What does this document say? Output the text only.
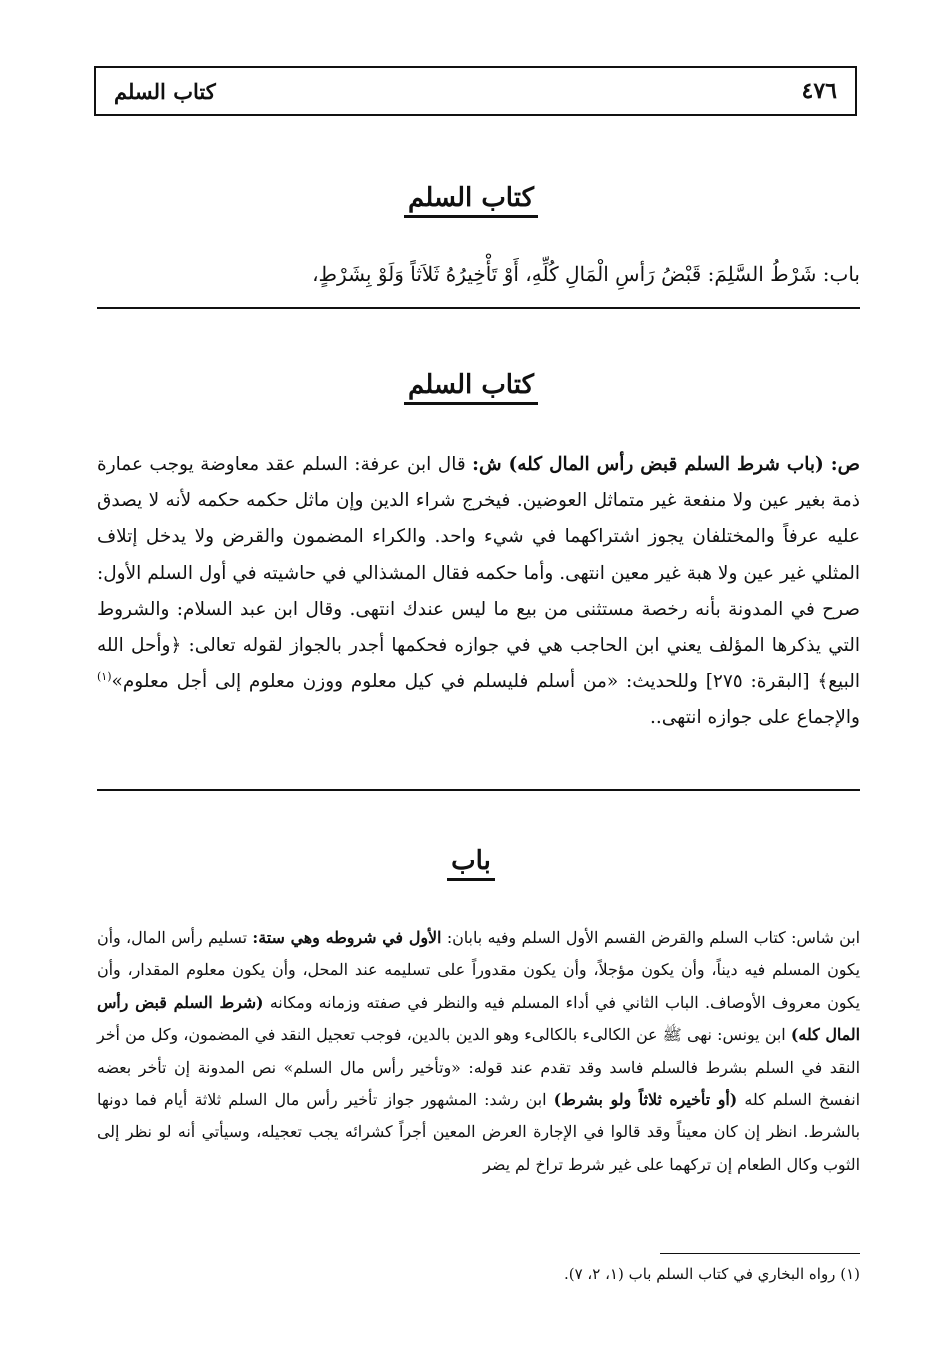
كتاب السلم	٤٧٦
كتاب السلم

باب: شَرْطُ السَّلِمَ: قَبْضُ رَأسِ الْمَالِ كُلِّهِ، أَوْ تَأْخِيرُهُ ثَلاَثاً وَلَوْ بِشَرْطٍ،

كتاب السلم

ص: (باب شرط السلم قبض رأس المال كله) ش: قال ابن عرفة: السلم عقد معاوضة يوجب عمارة ذمة بغير عين ولا منفعة غير متماثل العوضين. فيخرج شراء الدين وإن ماثل حكمه حكمه لأنه لا يصدق عليه عرفاً والمختلفان يجوز اشتراكهما في شيء واحد. والكراء المضمون والقرض ولا يدخل إتلاف المثلي غير عين ولا هبة غير معين انتهى. وأما حكمه فقال المشذالي في حاشيته في أول السلم الأول: صرح في المدونة بأنه رخصة مستثنى من بيع ما ليس عندك انتهى. وقال ابن عبد السلام: والشروط التي يذكرها المؤلف يعني ابن الحاجب هي في جوازه فحكمها أجدر بالجواز لقوله تعالى: ﴿وأحل الله البيع﴾ [البقرة: ٢٧٥] وللحديث: «من أسلم فليسلم في كيل معلوم ووزن معلوم إلى أجل معلوم»$^{(١)}$ والإجماع على جوازه انتهى..

باب

ابن شاس: كتاب السلم والقرض القسم الأول السلم وفيه بابان: الأول في شروطه وهي ستة: تسليم رأس المال، وأن يكون المسلم فيه ديناً، وأن يكون مؤجلاً، وأن يكون مقدوراً على تسليمه عند المحل، وأن يكون معلوم المقدار، وأن يكون معروف الأوصاف. الباب الثاني في أداء المسلم فيه والنظر في صفته وزمانه ومكانه (شرط السلم قبض رأس المال كله) ابن يونس: نهى ﷺ عن الكالىء بالكالىء وهو الدين بالدين، فوجب تعجيل النقد في المضمون، وكل من أخر النقد في السلم بشرط فالسلم فاسد وقد تقدم عند قوله: «وتأخير رأس مال السلم» نص المدونة إن تأخر بعضه انفسخ السلم كله (أو تأخيره ثلاثاً ولو بشرط) ابن رشد: المشهور جواز تأخير رأس مال السلم ثلاثة أيام فما دونها بالشرط. انظر إن كان معيناً وقد قالوا في الإجارة العرض المعين أجراً كشرائه يجب تعجيله، وسيأتي أنه لو نظر إلى الثوب وكال الطعام إن تركهما على غير شرط تراخ لم يضر

(١) رواه البخاري في كتاب السلم باب (١، ٢، ٧).
